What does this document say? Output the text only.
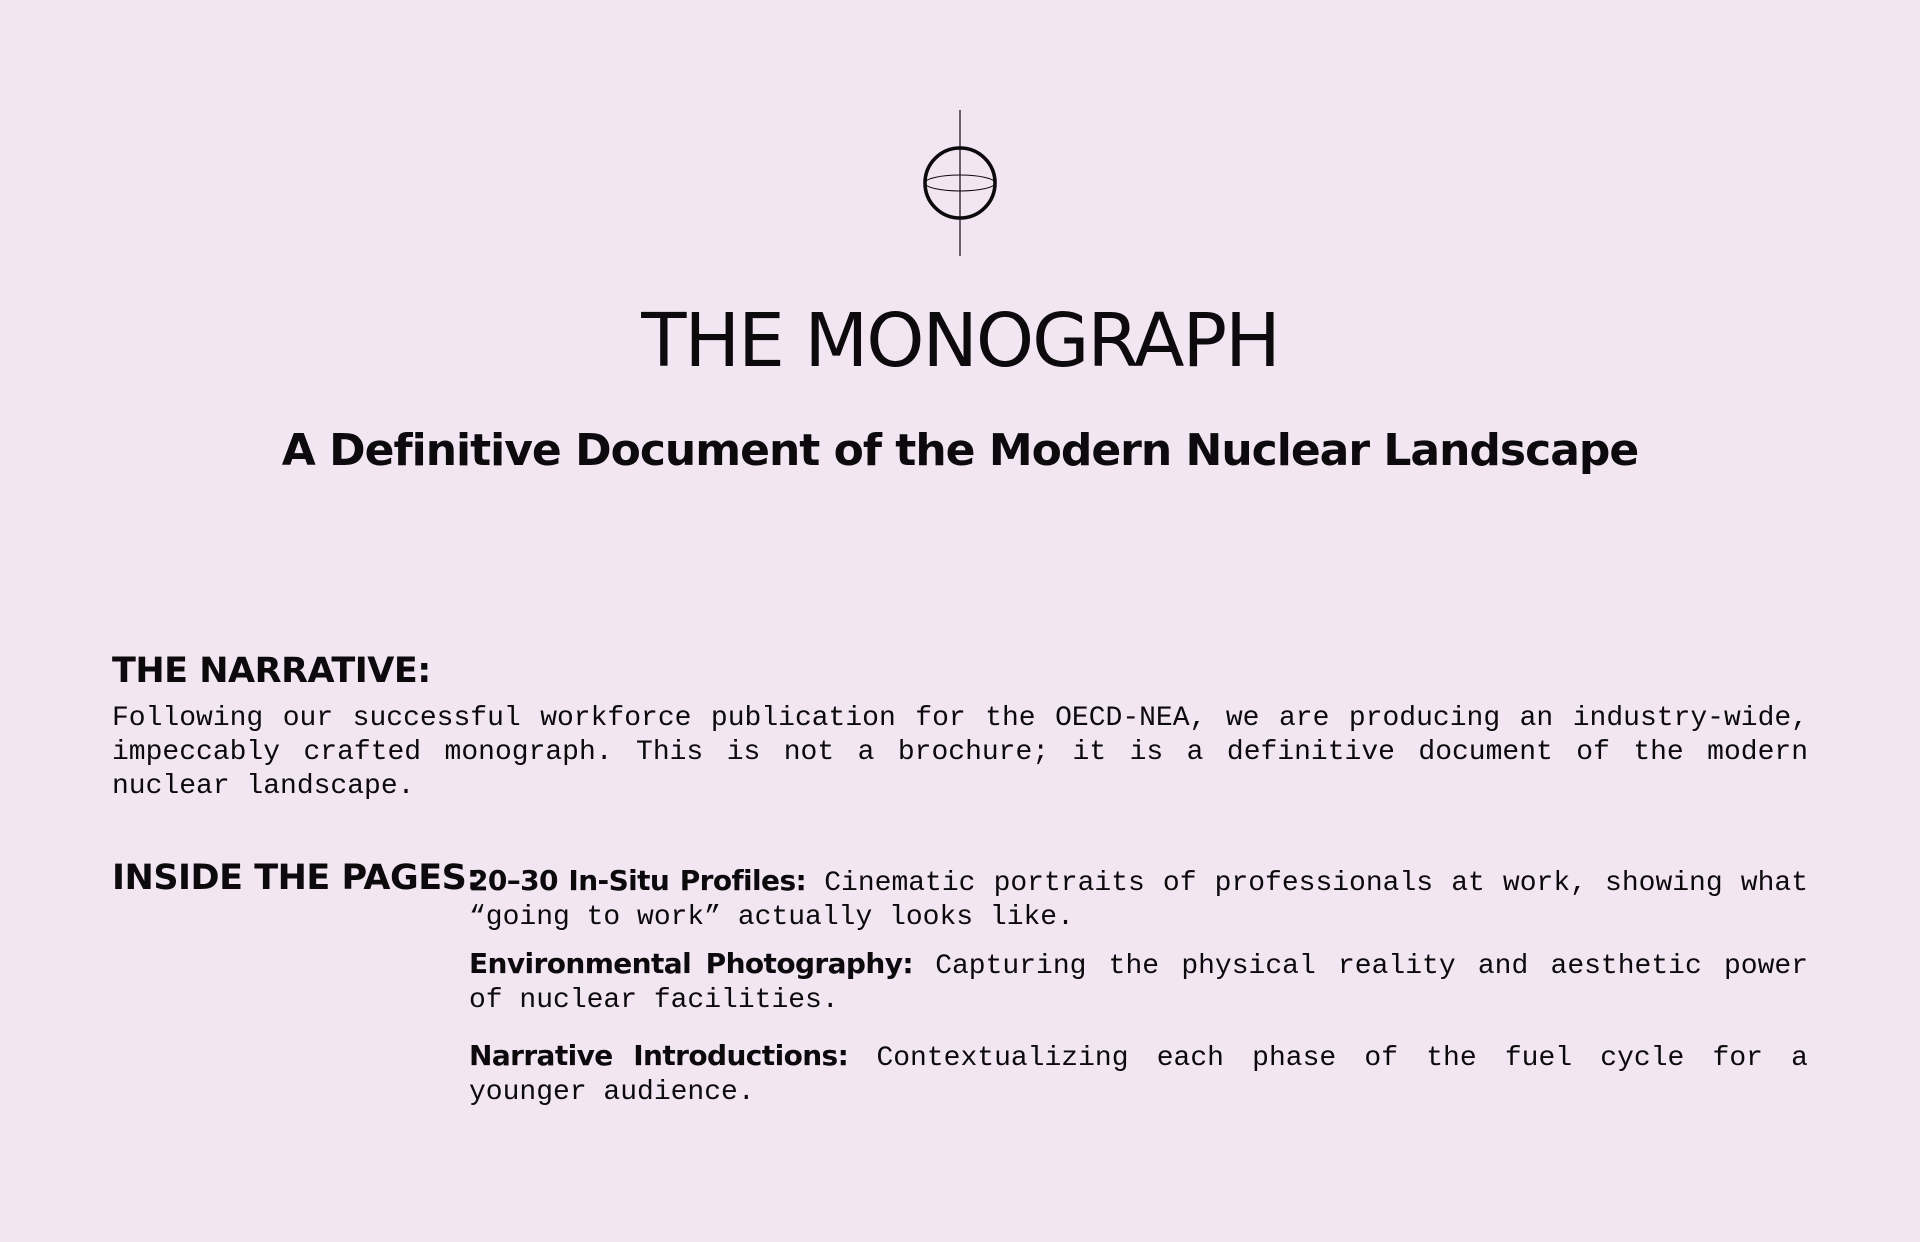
THE MONOGRAPH
A Definitive Document of the Modern Nuclear Landscape
THE NARRATIVE:

Following our successful workforce publication for the OECD-NEA, we are producing an industry-wide, impeccably crafted monograph. This is not a brochure; it is a definitive document of the modern nuclear landscape.

INSIDE THE PAGES:

20–30 In-Situ Profiles: Cinematic portraits of professionals at work, showing what “going to work” actually looks like.

Environmental Photography: Capturing the physical reality and aesthetic power of nuclear facilities.

Narrative Introductions: Contextualizing each phase of the fuel cycle for a younger audience.
